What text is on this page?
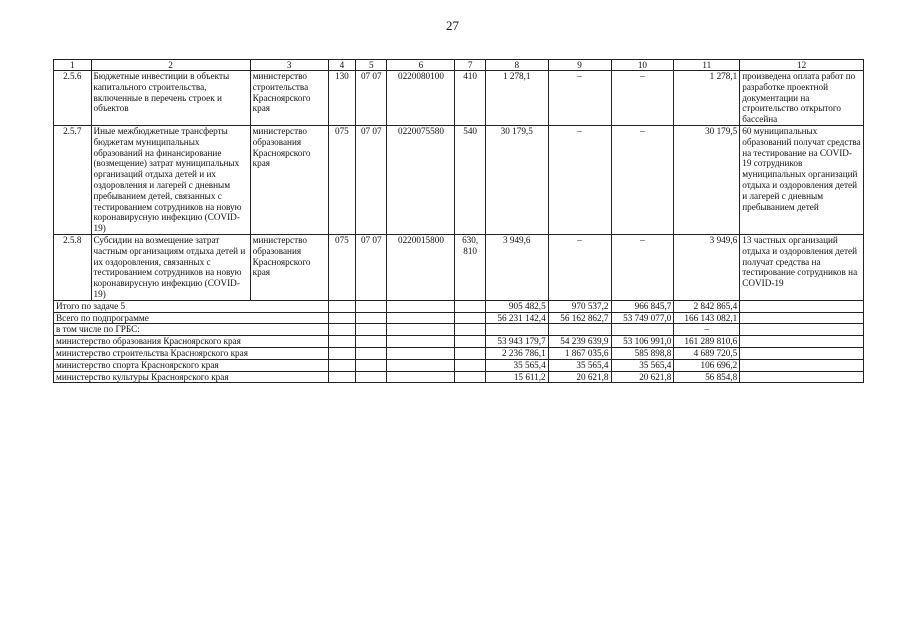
27
1	2	3	4	5	6	7	8	9	10	11	12
2.5.6	Бюджетные инвестиции в объекты капитального строительства, включенные в перечень строек и объектов	министерство строительства Красноярского края	130	07 07	0220080100	410	1 278,1	–	–	1 278,1	произведена оплата работ по разработке проектной документации на строительство открытого бассейна
2.5.7	Иные межбюджетные трансферты бюджетам муниципальных образований на финансирование (возмещение) затрат муниципальных организаций отдыха детей и их оздоровления и лагерей с дневным пребыванием детей, связанных с тестированием сотрудников на новую коронавирусную инфекцию (COVID-19)	министерство образования Красноярского края	075	07 07	0220075580	540	30 179,5	–	–	30 179,5	60 муниципальных образований получат средства на тестирование на COVID-19 сотрудников муниципальных организаций отдыха и оздоровления детей и лагерей с дневным пребыванием детей
2.5.8	Субсидии на возмещение затрат частным организациям отдыха детей и их оздоровления, связанных с тестированием сотрудников на новую коронавирусную инфекцию (COVID-19)	министерство образования Красноярского края	075	07 07	0220015800	630, 810	3 949,6	–	–	3 949,6	13 частных организаций отдыха и оздоровления детей получат средства на тестирование сотрудников на COVID-19
Итого по задаче 5							905 482,5	970 537,2	966 845,7	2 842 865,4	
Всего по подпрограмме							56 231 142,4	56 162 862,7	53 749 077,0	166 143 082,1	
в том числе по ГРБС:										–	
министерство образования Красноярского края							53 943 179,7	54 239 639,9	53 106 991,0	161 289 810,6	
министерство строительства Красноярского края							2 236 786,1	1 867 035,6	585 898,8	4 689 720,5	
министерство спорта Красноярского края							35 565,4	35 565,4	35 565,4	106 696,2	
министерство культуры Красноярского края							15 611,2	20 621,8	20 621,8	56 854,8	
